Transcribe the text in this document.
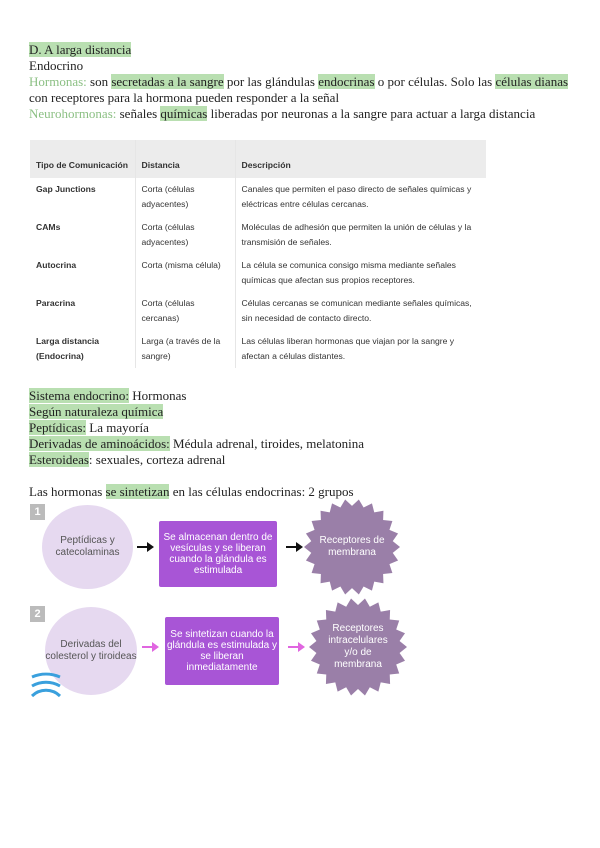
D. A larga distancia

Endocrino

Hormonas: son secretadas a la sangre por las glándulas endocrinas o por células. Solo las células dianas con receptores para la hormona pueden responder a la señal

Neurohormonas: señales químicas liberadas por neuronas a la sangre para actuar a larga distancia

Tipo de Comunicación	Distancia	Descripción
Gap Junctions	Corta (células adyacentes)	Canales que permiten el paso directo de señales químicas y eléctricas entre células cercanas.
CAMs	Corta (células adyacentes)	Moléculas de adhesión que permiten la unión de células y la transmisión de señales.
Autocrina	Corta (misma célula)	La célula se comunica consigo misma mediante señales químicas que afectan sus propios receptores.
Paracrina	Corta (células cercanas)	Células cercanas se comunican mediante señales químicas, sin necesidad de contacto directo.
Larga distancia (Endocrina)	Larga (a través de la sangre)	Las células liberan hormonas que viajan por la sangre y afectan a células distantes.

Sistema endocrino: Hormonas

Según naturaleza química

Peptídicas: La mayoría

Derivadas de aminoácidos: Médula adrenal, tiroides, melatonina

Esteroideas: sexuales, corteza adrenal

Las hormonas se sintetizan en las células endocrinas: 2 grupos
1
Peptídicas y catecolaminas
Se almacenan dentro de vesículas y se liberan cuando la glándula es estimulada
Receptores de membrana
2
Derivadas del colesterol y tiroideas
Se sintetizan cuando la glándula es estimulada y se liberan inmediatamente
Receptores intracelulares y/o de membrana
